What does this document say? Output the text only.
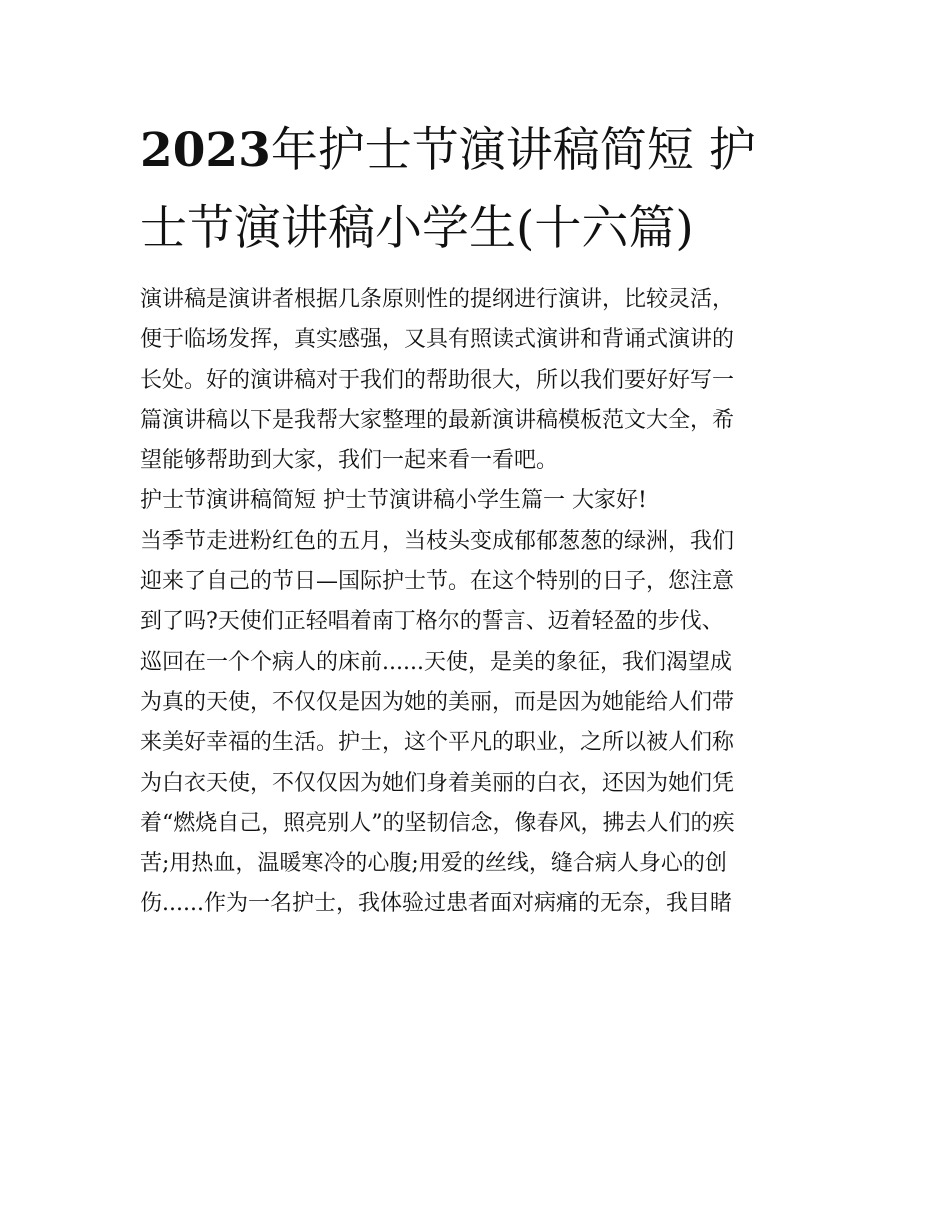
2023年护士节演讲稿简短 护
士节演讲稿小学生(十六篇)
演讲稿是演讲者根据几条原则性的提纲进行演讲，比较灵活，
便于临场发挥，真实感强，又具有照读式演讲和背诵式演讲的
长处。好的演讲稿对于我们的帮助很大，所以我们要好好写一
篇演讲稿以下是我帮大家整理的最新演讲稿模板范文大全，希
望能够帮助到大家，我们一起来看一看吧。
护士节演讲稿简短 护士节演讲稿小学生篇一 大家好!
当季节走进粉红色的五月，当枝头变成郁郁葱葱的绿洲，我们
迎来了自己的节日—国际护士节。在这个特别的日子，您注意
到了吗?天使们正轻唱着南丁格尔的誓言、迈着轻盈的步伐、
巡回在一个个病人的床前......天使，是美的象征，我们渴望成
为真的天使，不仅仅是因为她的美丽，而是因为她能给人们带
来美好幸福的生活。护士，这个平凡的职业，之所以被人们称
为白衣天使，不仅仅因为她们身着美丽的白衣，还因为她们凭
着“燃烧自己，照亮别人”的坚韧信念，像春风，拂去人们的疾
苦;用热血，温暖寒冷的心腹;用爱的丝线，缝合病人身心的创
伤......作为一名护士，我体验过患者面对病痛的无奈，我目睹
